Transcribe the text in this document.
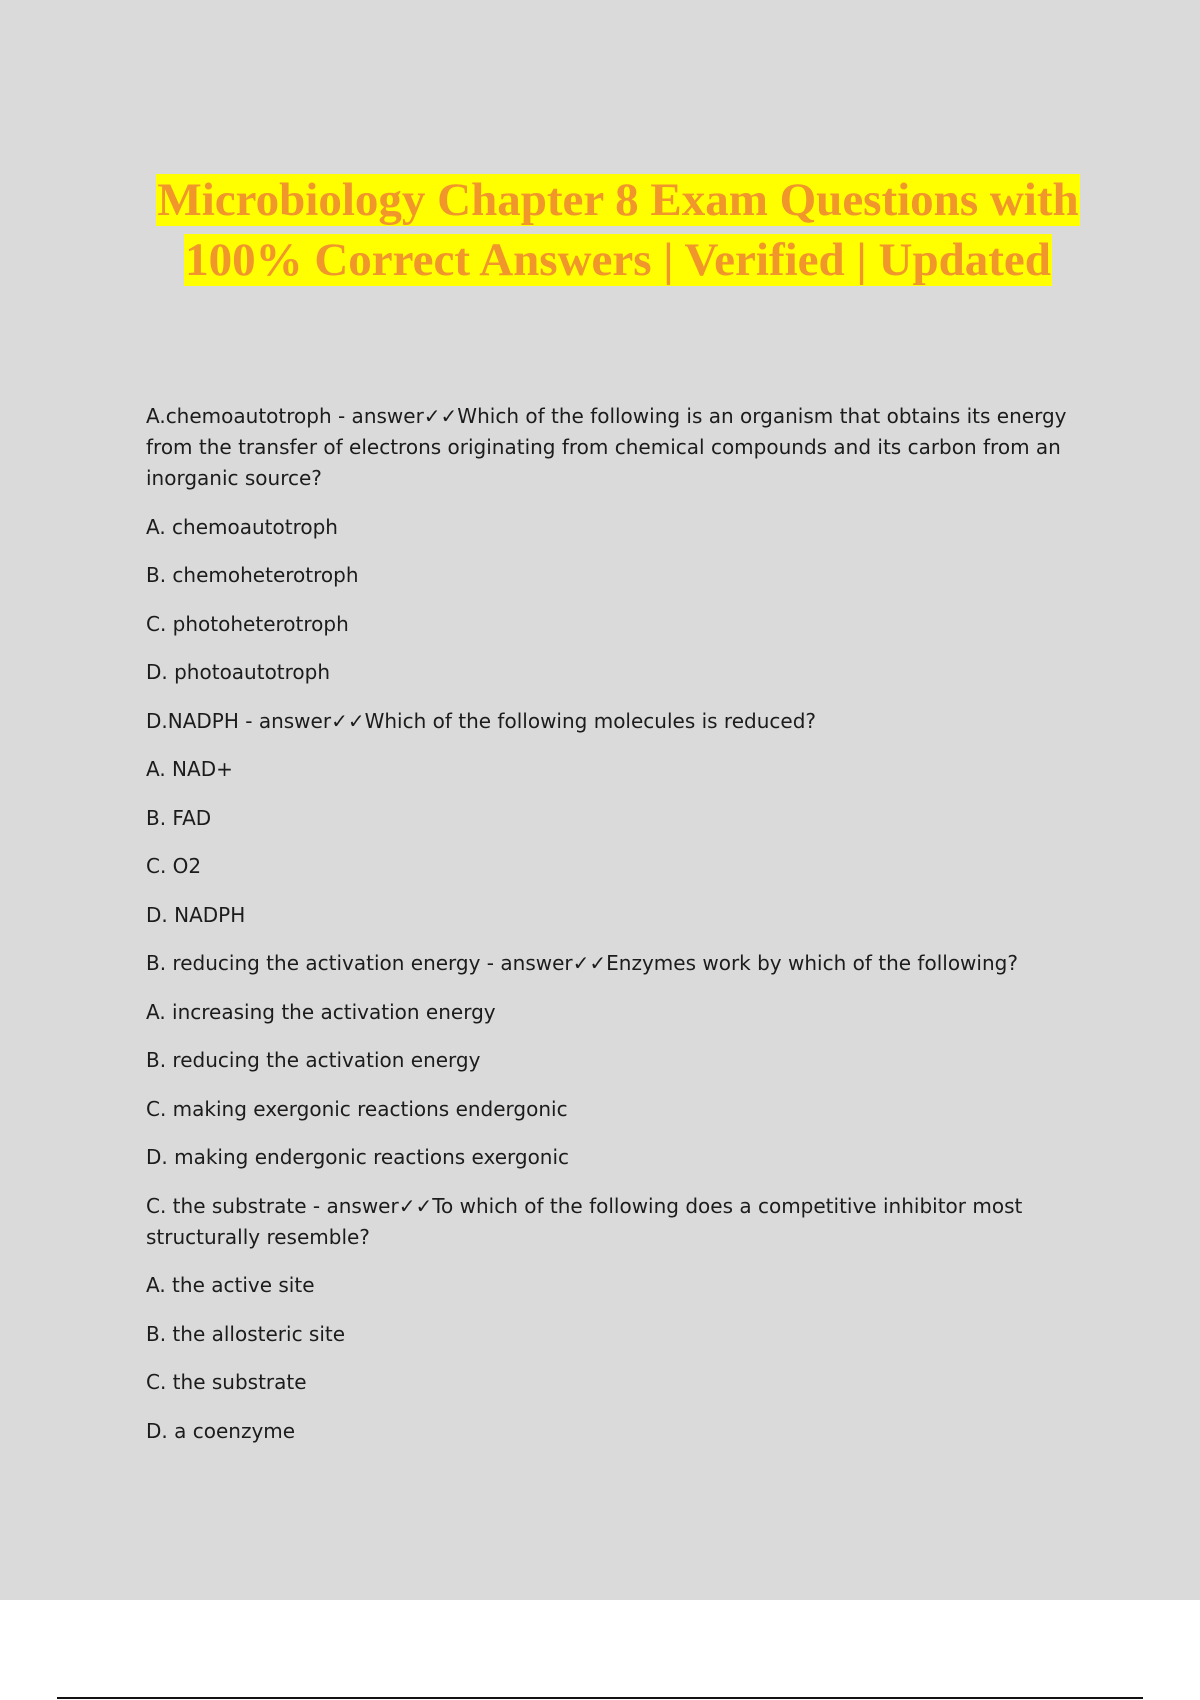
Microbiology Chapter 8 Exam Questions with 100% Correct Answers | Verified | Updated

A.chemoautotroph - answer✓✓Which of the following is an organism that obtains its energy from the transfer of electrons originating from chemical compounds and its carbon from an inorganic source?

A. chemoautotroph

B. chemoheterotroph

C. photoheterotroph

D. photoautotroph

D.NADPH - answer✓✓Which of the following molecules is reduced?

A. NAD+

B. FAD

C. O2

D. NADPH

B. reducing the activation energy - answer✓✓Enzymes work by which of the following?

A. increasing the activation energy

B. reducing the activation energy

C. making exergonic reactions endergonic

D. making endergonic reactions exergonic

C. the substrate - answer✓✓To which of the following does a competitive inhibitor most structurally resemble?

A. the active site

B. the allosteric site

C. the substrate

D. a coenzyme
